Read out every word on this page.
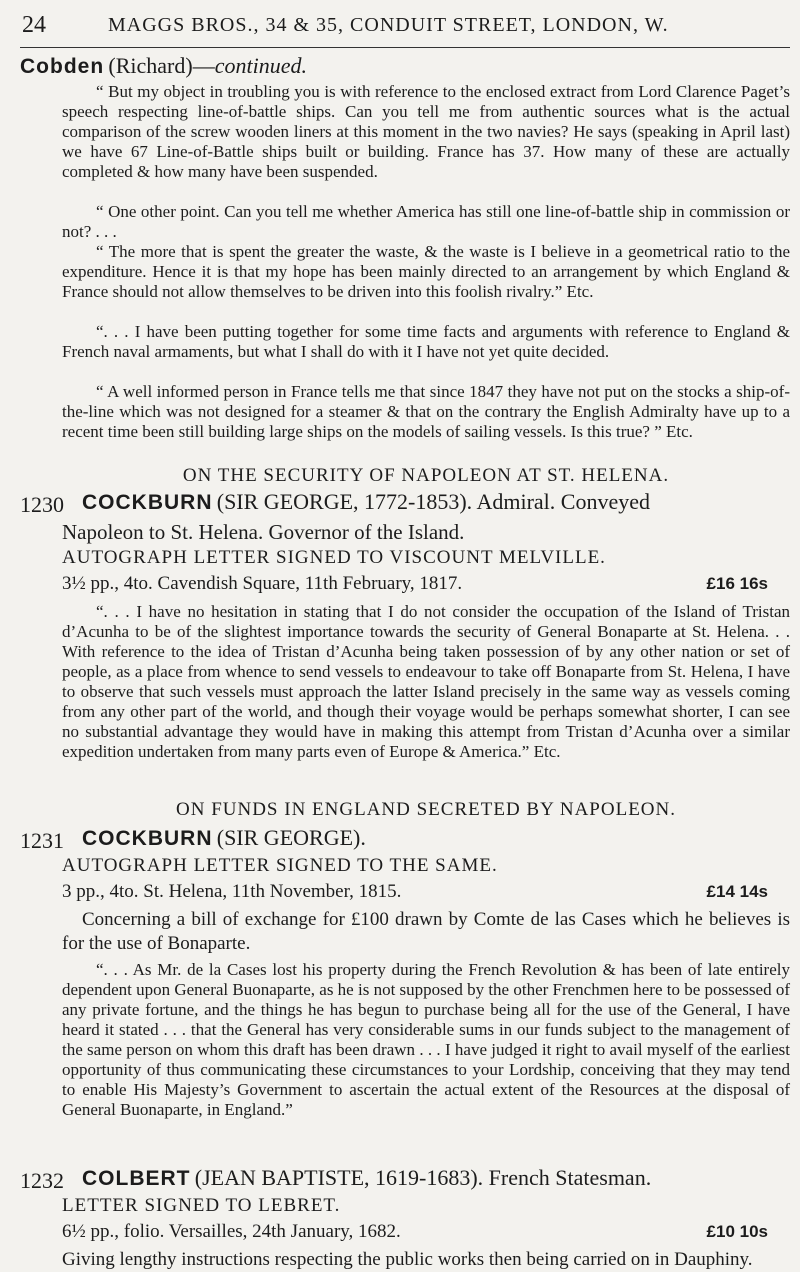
24	MAGGS BROS., 34 & 35, CONDUIT STREET, LONDON, W.
Cobden (Richard)—continued.
“ But my object in troubling you is with reference to the enclosed extract from Lord Clarence Paget’s speech respecting line-of-battle ships. Can you tell me from authentic sources what is the actual comparison of the screw wooden liners at this moment in the two navies? He says (speaking in April last) we have 67 Line-of-Battle ships built or building. France has 37. How many of these are actually completed & how many have been suspended.
“ One other point. Can you tell me whether America has still one line-of-battle ship in commission or not? . . .
“ The more that is spent the greater the waste, & the waste is I believe in a geometrical ratio to the expenditure. Hence it is that my hope has been mainly directed to an arrangement by which England & France should not allow themselves to be driven into this foolish rivalry.” Etc.
“. . . I have been putting together for some time facts and arguments with reference to England & French naval armaments, but what I shall do with it I have not yet quite decided.
“ A well informed person in France tells me that since 1847 they have not put on the stocks a ship-of-the-line which was not designed for a steamer & that on the contrary the English Admiralty have up to a recent time been still building large ships on the models of sailing vessels. Is this true? ” Etc.
ON THE SECURITY OF NAPOLEON AT ST. HELENA.
1230 COCKBURN (SIR GEORGE, 1772-1853). Admiral. Conveyed
Napoleon to St. Helena. Governor of the Island.
AUTOGRAPH LETTER SIGNED TO VISCOUNT MELVILLE.
3½ pp., 4to. Cavendish Square, 11th February, 1817.	£16 16s
“. . . I have no hesitation in stating that I do not consider the occupation of the Island of Tristan d’Acunha to be of the slightest importance towards the security of General Bonaparte at St. Helena. . . With reference to the idea of Tristan d’Acunha being taken possession of by any other nation or set of people, as a place from whence to send vessels to endeavour to take off Bonaparte from St. Helena, I have to observe that such vessels must approach the latter Island precisely in the same way as vessels coming from any other part of the world, and though their voyage would be perhaps somewhat shorter, I can see no substantial advantage they would have in making this attempt from Tristan d’Acunha over a similar expedition undertaken from many parts even of Europe & America.” Etc.
ON FUNDS IN ENGLAND SECRETED BY NAPOLEON.
1231 COCKBURN (SIR GEORGE).
AUTOGRAPH LETTER SIGNED TO THE SAME.
3 pp., 4to. St. Helena, 11th November, 1815.	£14 14s
Concerning a bill of exchange for £100 drawn by Comte de las Cases which he believes is for the use of Bonaparte.
“. . . As Mr. de la Cases lost his property during the French Revolution & has been of late entirely dependent upon General Buonaparte, as he is not supposed by the other Frenchmen here to be possessed of any private fortune, and the things he has begun to purchase being all for the use of the General, I have heard it stated . . . that the General has very considerable sums in our funds subject to the management of the same person on whom this draft has been drawn . . . I have judged it right to avail myself of the earliest opportunity of thus communicating these circumstances to your Lordship, conceiving that they may tend to enable His Majesty’s Government to ascertain the actual extent of the Resources at the disposal of General Buonaparte, in England.”
1232 COLBERT (JEAN BAPTISTE, 1619-1683). French Statesman.
LETTER SIGNED TO LEBRET.
6½ pp., folio. Versailles, 24th January, 1682.	£10 10s
Giving lengthy instructions respecting the public works then being carried on in Dauphiny.
